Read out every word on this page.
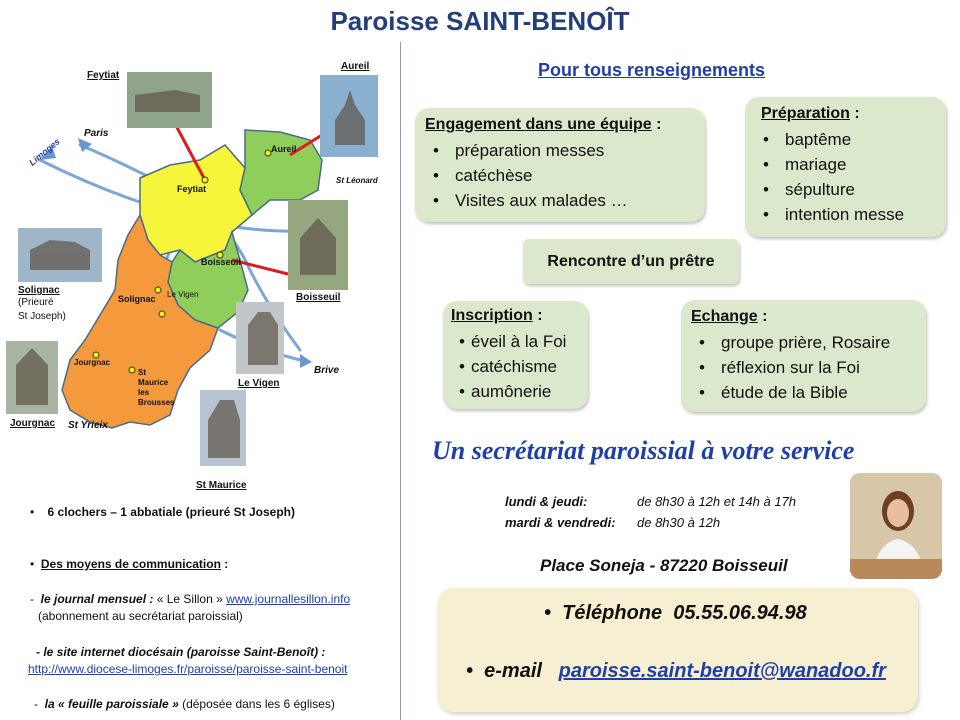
Paroisse SAINT-BENOÎT
Feytiat
Aureil
Solignac
(Prieuré
St Joseph)
Boisseuil
Jourgnac
Le Vigen
St Maurice
Feytiat
Aureil
Boisseuil
Solignac Le Vigen
Jourgnac
St
Maurice
les
Brousses
Limoges
Paris
St Léonard
Brive
St Yrieix
•    6 clochers – 1 abbatiale (prieuré St Joseph)
•  Des moyens de communication :
-  le journal mensuel : « Le Sillon » www.journallesillon.info
(abonnement au secrétariat paroissial)
- le site internet diocésain (paroisse Saint-Benoît) :
http://www.diocese-limoges.fr/paroisse/paroisse-saint-benoit
-  la « feuille paroissiale » (déposée dans les 6 églises)
Pour tous renseignements
Engagement dans une équipe :
• préparation messes
• catéchèse
• Visites aux malades …
Préparation :
• baptême
• mariage
• sépulture
• intention messe
Rencontre d’un prêtre
Inscription :
• éveil à la Foi
• catéchisme
• aumônerie
Echange :
• groupe prière, Rosaire
• réflexion sur la Foi
• étude de la Bible
Un secrétariat paroissial à votre service
lundi & jeudi:	de 8h30 à 12h et 14h à 17h
mardi & vendredi: de 8h30 à 12h
Place Soneja - 87220 Boisseuil
•  Téléphone 05.55.06.94.98
•  e-mail paroisse.saint-benoit@wanadoo.fr
